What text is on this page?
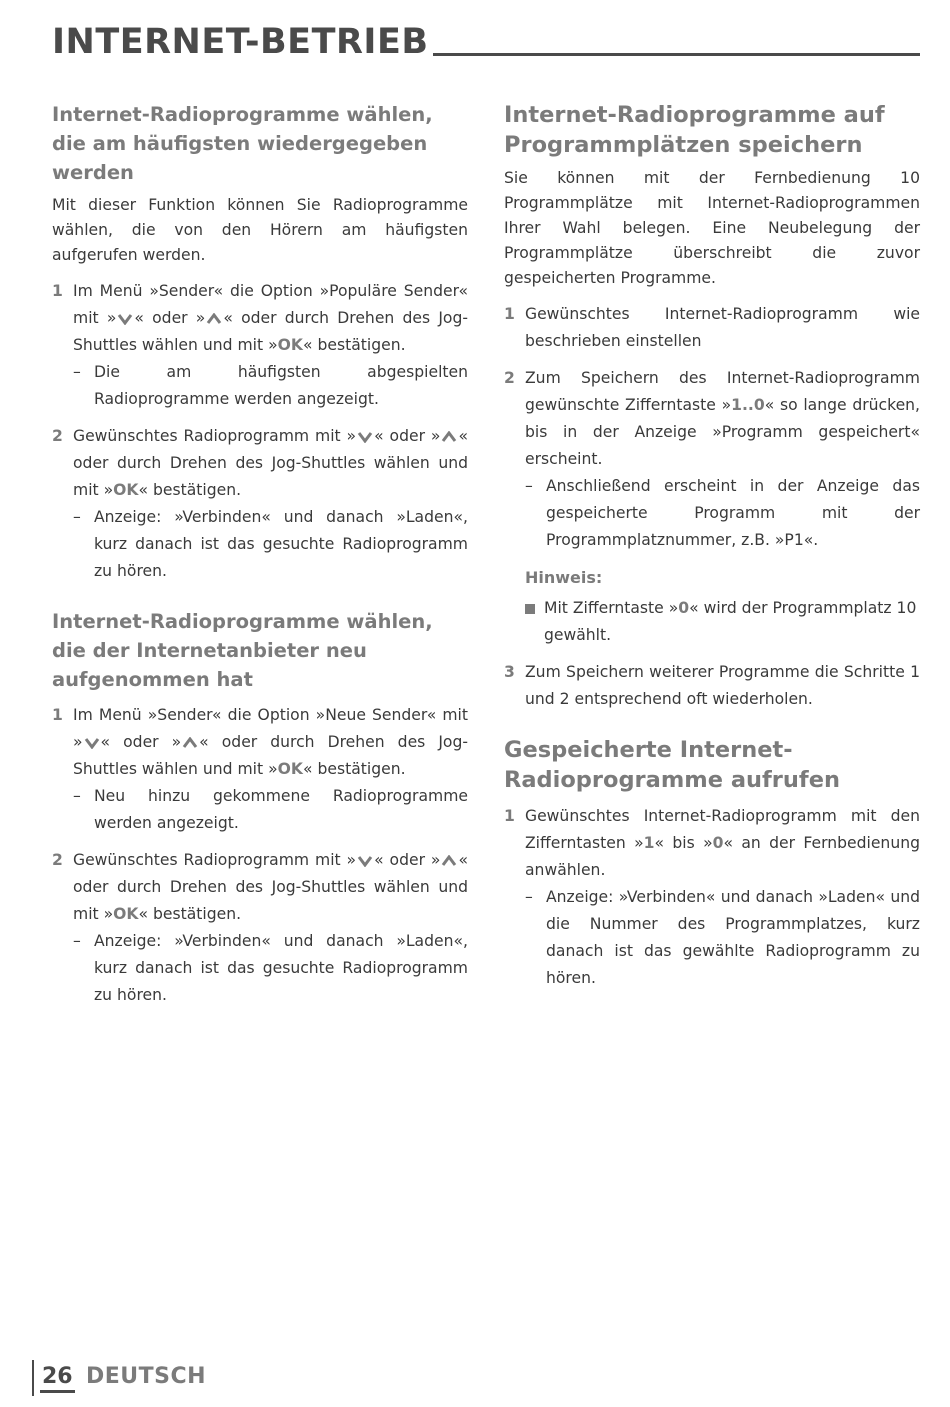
INTERNET-BETRIEB
Internet-Radioprogramme wählen, die am häufigsten wiedergegeben werden

Mit dieser Funktion können Sie Radioprogramme wählen, die von den Hörern am häufigsten aufgerufen werden.

1 Im Menü »Sender« die Option »Populäre Sender« mit » « oder » « oder durch Drehen des Jog-Shuttles wählen und mit »OK« bestätigen.
– Die am häufigsten abgespielten Radioprogramme werden angezeigt.
2 Gewünschtes Radioprogramm mit » « oder » « oder durch Drehen des Jog-Shuttles wählen und mit »OK« bestätigen.
– Anzeige: »Verbinden« und danach »Laden«, kurz danach ist das gesuchte Radioprogramm zu hören.
Internet-Radioprogramme wählen, die der Internetanbieter neu aufgenommen hat
1 Im Menü »Sender« die Option »Neue Sender« mit » « oder » « oder durch Drehen des Jog-Shuttles wählen und mit »OK« bestätigen.
– Neu hinzu gekommene Radioprogramme werden angezeigt.
2 Gewünschtes Radioprogramm mit » « oder » « oder durch Drehen des Jog-Shuttles wählen und mit »OK« bestätigen.
– Anzeige: »Verbinden« und danach »Laden«, kurz danach ist das gesuchte Radioprogramm zu hören.
Internet-Radioprogramme auf Programmplätzen speichern

Sie können mit der Fernbedienung 10 Programmplätze mit Internet-Radioprogrammen Ihrer Wahl belegen. Eine Neubelegung der Programmplätze überschreibt die zuvor gespeicherten Programme.

1 Gewünschtes Internet-Radioprogramm wie beschrieben einstellen
2 Zum Speichern des Internet-Radioprogramm gewünschte Zifferntaste »1..0« so lange drücken, bis in der Anzeige »Programm gespeichert« erscheint.
– Anschließend erscheint in der Anzeige das gespeicherte Programm mit der Programmplatznummer, z.B. »P1«.
Hinweis:
Mit Zifferntaste »0« wird der Programmplatz 10 gewählt.
3 Zum Speichern weiterer Programme die Schritte 1 und 2 entsprechend oft wiederholen.
Gespeicherte Internet-Radioprogramme aufrufen
1 Gewünschtes Internet-Radioprogramm mit den Zifferntasten »1« bis »0« an der Fernbedienung anwählen.
– Anzeige: »Verbinden« und danach »Laden« und die Nummer des Programmplatzes, kurz danach ist das gewählte Radioprogramm zu hören.
26 DEUTSCH
